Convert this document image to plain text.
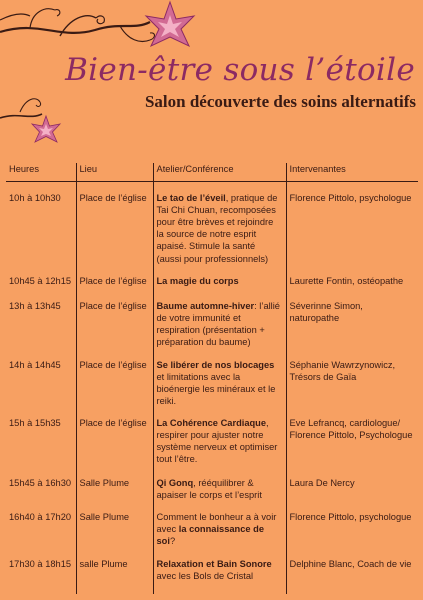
Bien-être sous l’étoile
Salon découverte des soins alternatifs
Heures	Lieu	Atelier/Conférence	Intervenantes
10h à 10h30	Place de l’église	Le tao de l’éveil, pratique de Tai Chi Chuan, recomposées pour être brèves et rejoindre la source de notre esprit apaisé. Stimule la santé (aussi pour professionnels)	Florence Pittolo, psychologue
10h45 à 12h15	Place de l’église	La magie du corps	Laurette Fontin, ostéopathe
13h à 13h45	Place de l’église	Baume automne-hiver: l’allié de votre immunité et respiration (présentation + préparation du baume)	Séverinne Simon, naturopathe
14h à 14h45	Place de l’église	Se libérer de nos blocages et limitations avec la bioénergie les minéraux et le reiki.	Séphanie Wawrzynowicz, Trésors de Gaïa
15h à 15h35	Place de l’église	La Cohérence Cardiaque, respirer pour ajuster notre système nerveux et optimiser tout l’être.	Eve Lefrancq, cardiologue/ Florence Pittolo, Psychologue
15h45 à 16h30	Salle Plume	Qi Gonq, rééquilibrer & apaiser le corps et l’esprit	Laura De Nercy
16h40 à 17h20	Salle Plume	Comment le bonheur a à voir avec la connaissance de soi?	Florence Pittolo, psychologue
17h30 à 18h15	salle Plume	Relaxation et Bain Sonore avec les Bols de Cristal	Delphine Blanc, Coach de vie
